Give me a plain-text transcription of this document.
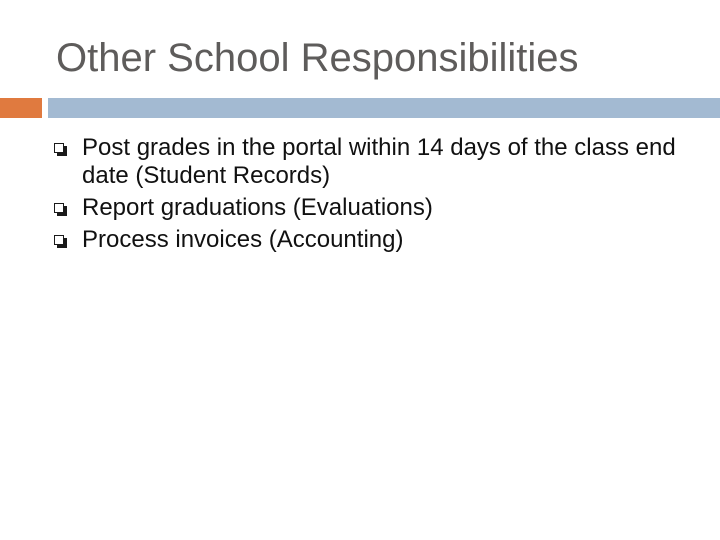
Other School Responsibilities
Post grades in the portal within 14 days of the class end date (Student Records)
Report graduations (Evaluations)
Process invoices (Accounting)
